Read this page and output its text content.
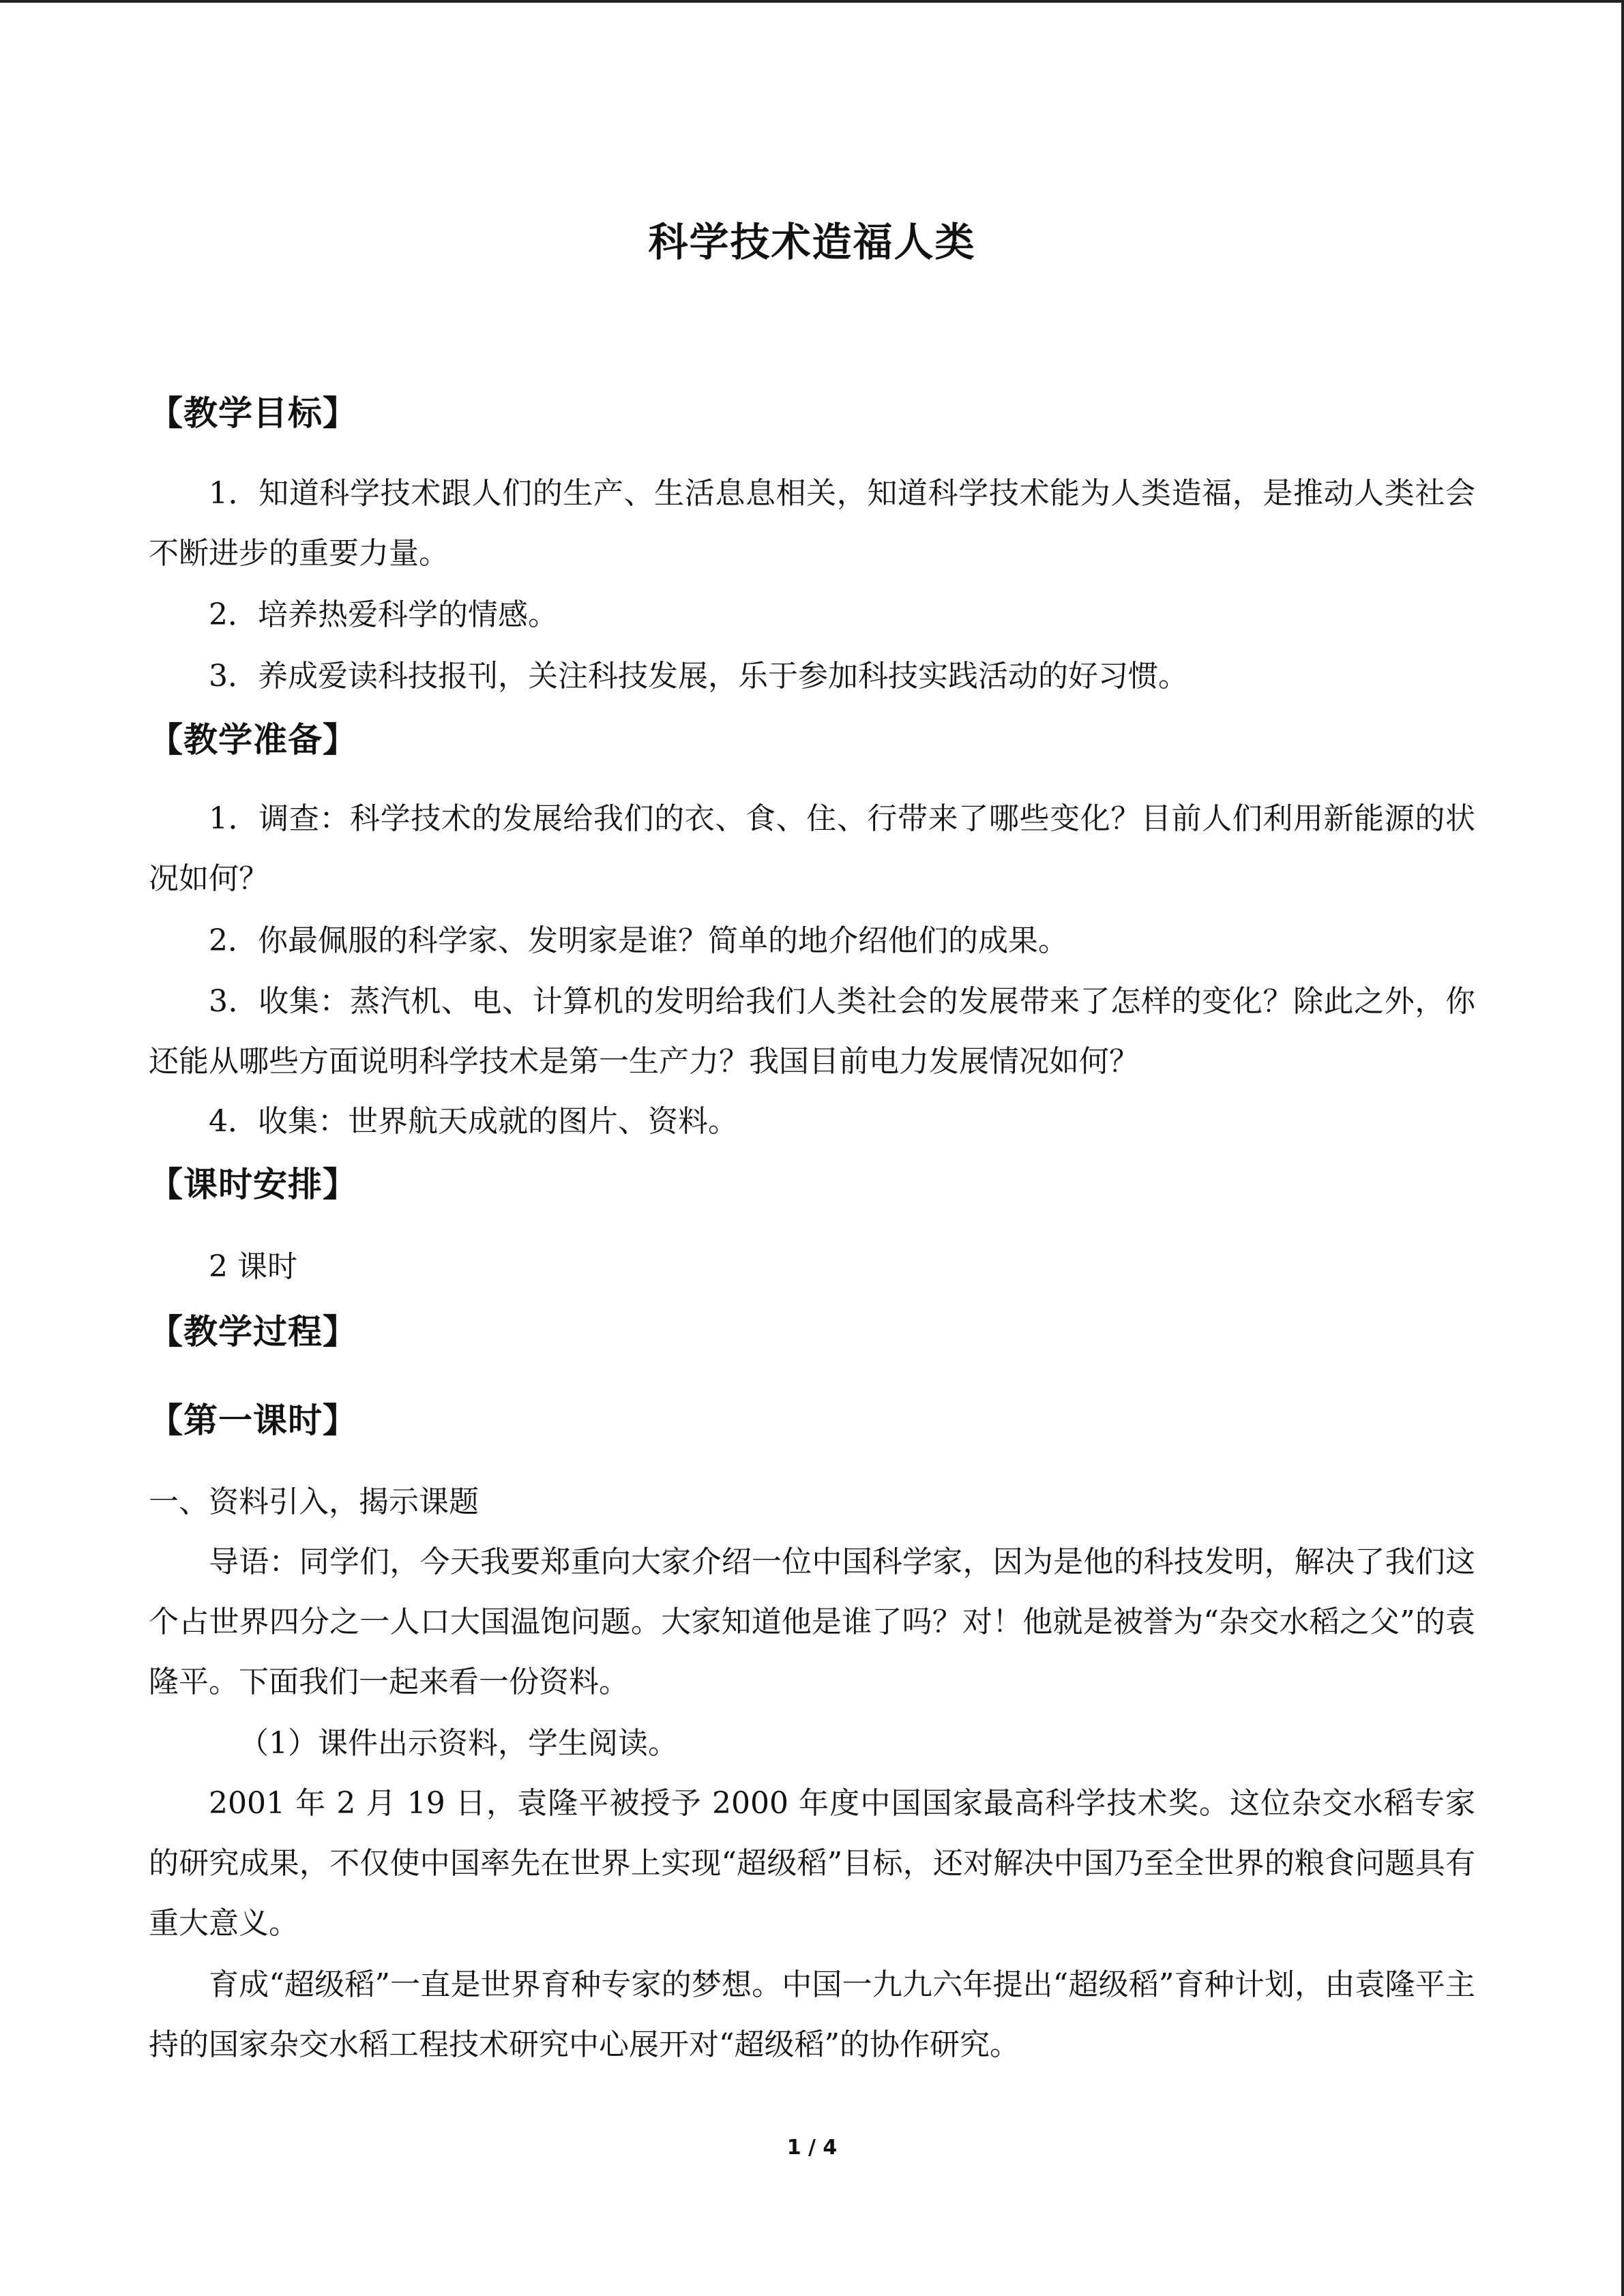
科学技术造福人类
【教学目标】
1．知道科学技术跟人们的生产、生活息息相关，知道科学技术能为人类造福，是推动人类社会不断进步的重要力量。
2．培养热爱科学的情感。
3．养成爱读科技报刊，关注科技发展，乐于参加科技实践活动的好习惯。
【教学准备】
1．调查：科学技术的发展给我们的衣、食、住、行带来了哪些变化？目前人们利用新能源的状况如何？
2．你最佩服的科学家、发明家是谁？简单的地介绍他们的成果。
3．收集：蒸汽机、电、计算机的发明给我们人类社会的发展带来了怎样的变化？除此之外，你还能从哪些方面说明科学技术是第一生产力？我国目前电力发展情况如何？
4．收集：世界航天成就的图片、资料。
【课时安排】
2 课时
【教学过程】
【第一课时】
一、资料引入，揭示课题
导语：同学们，今天我要郑重向大家介绍一位中国科学家，因为是他的科技发明，解决了我们这个占世界四分之一人口大国温饱问题。大家知道他是谁了吗？对！他就是被誉为“杂交水稻之父”的袁隆平。下面我们一起来看一份资料。
（1）课件出示资料，学生阅读。
2001 年 2 月 19 日，袁隆平被授予 2000 年度中国国家最高科学技术奖。这位杂交水稻专家的研究成果，不仅使中国率先在世界上实现“超级稻”目标，还对解决中国乃至全世界的粮食问题具有重大意义。
育成“超级稻”一直是世界育种专家的梦想。中国一九九六年提出“超级稻”育种计划，由袁隆平主持的国家杂交水稻工程技术研究中心展开对“超级稻”的协作研究。
1 / 4
